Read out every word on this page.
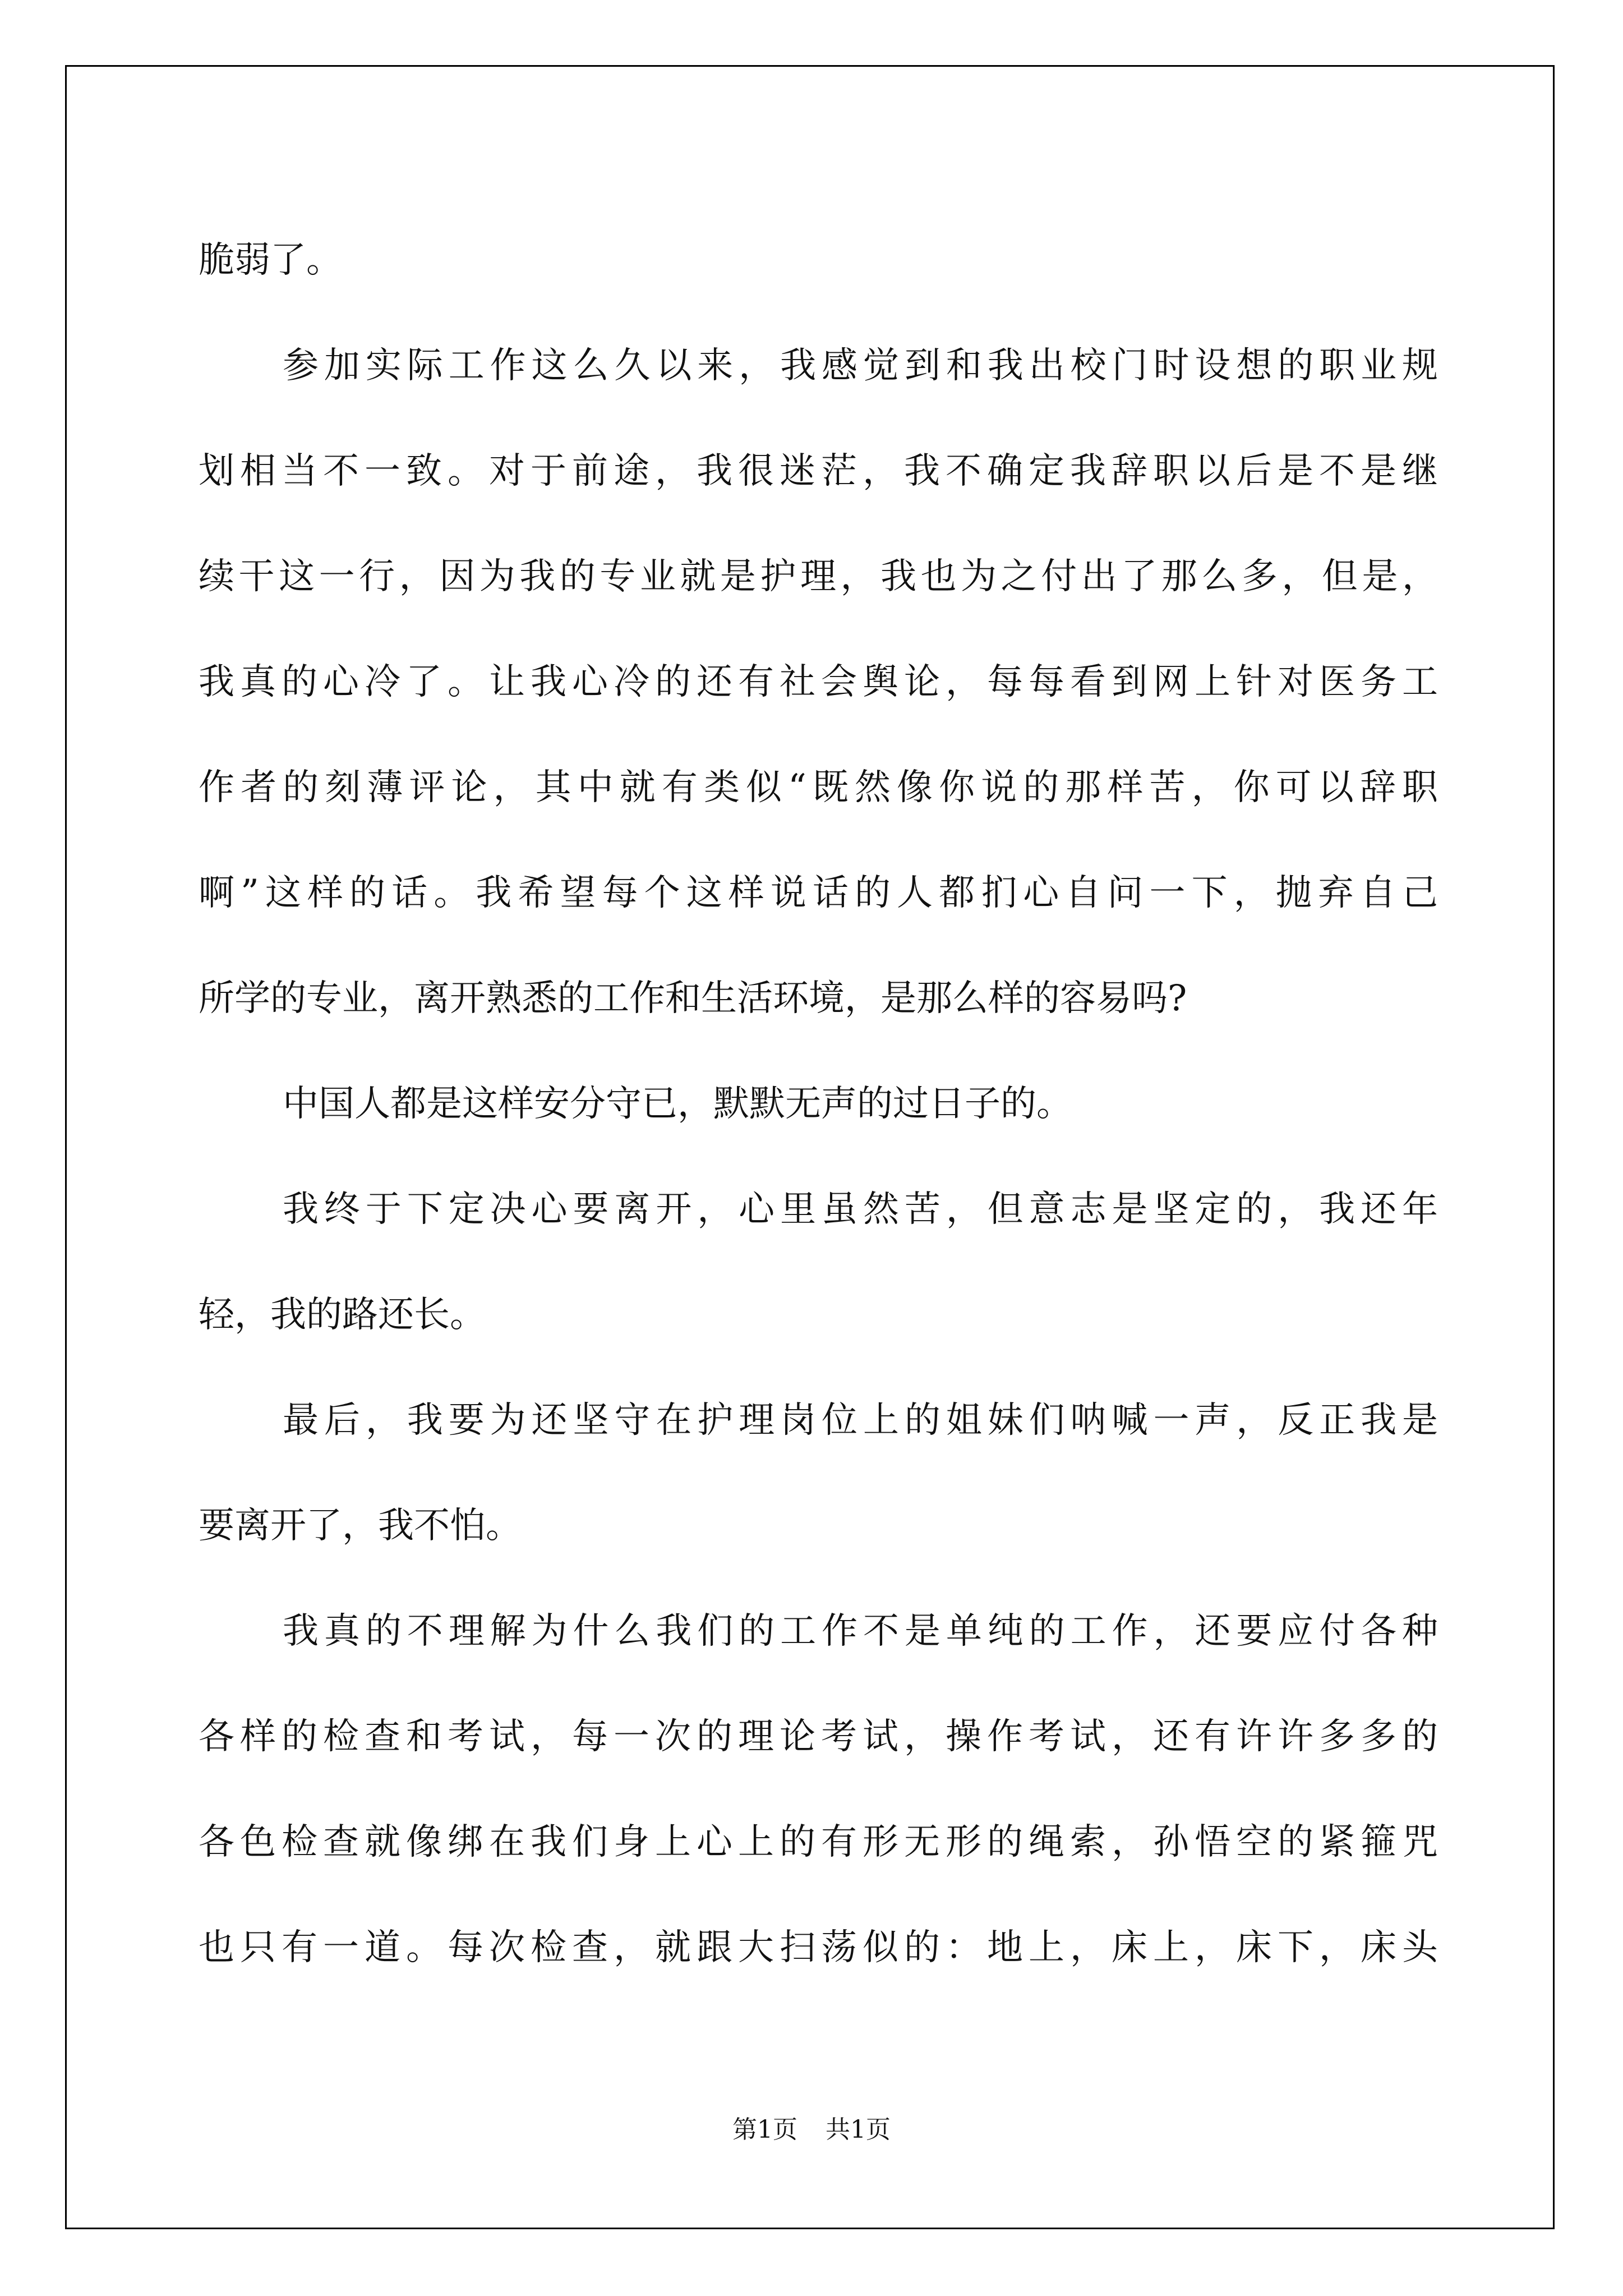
脆弱了。

参加实际工作这么久以来，我感觉到和我出校门时设想的职业规

划相当不一致。对于前途，我很迷茫，我不确定我辞职以后是不是继

续干这一行，因为我的专业就是护理，我也为之付出了那么多，但是，

我真的心冷了。让我心冷的还有社会舆论，每每看到网上针对医务工

作者的刻薄评论，其中就有类似“既然像你说的那样苦，你可以辞职

啊”这样的话。我希望每个这样说话的人都扪心自问一下，抛弃自己

所学的专业，离开熟悉的工作和生活环境，是那么样的容易吗?

中国人都是这样安分守已，默默无声的过日子的。

我终于下定决心要离开，心里虽然苦，但意志是坚定的，我还年

轻，我的路还长。

最后，我要为还坚守在护理岗位上的姐妹们呐喊一声，反正我是

要离开了，我不怕。

我真的不理解为什么我们的工作不是单纯的工作，还要应付各种

各样的检查和考试，每一次的理论考试，操作考试，还有许许多多的

各色检查就像绑在我们身上心上的有形无形的绳索，孙悟空的紧箍咒

也只有一道。每次检查，就跟大扫荡似的：地上，床上，床下，床头

第1页 共1页
